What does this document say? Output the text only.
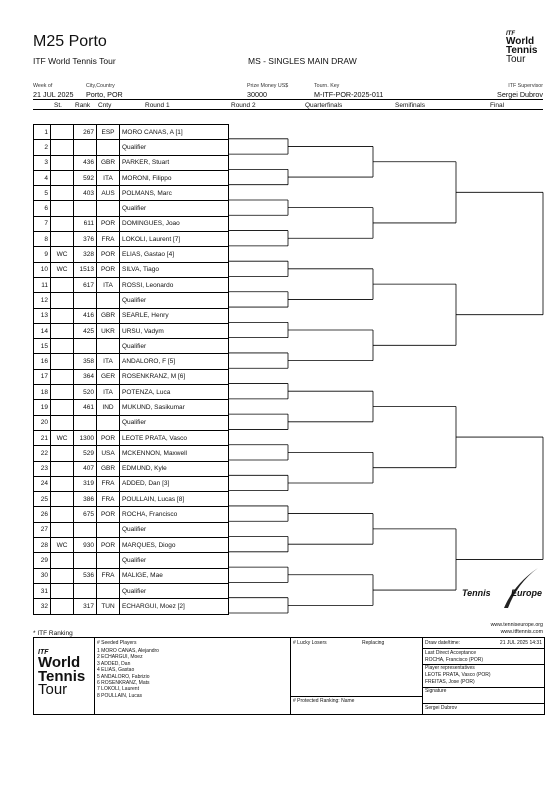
M25 Porto
ITF World Tennis Tour	MS - SINGLES MAIN DRAW
ITF
World
Tennis
Tour
Week of
21 JUL 2025
City,Country
Porto, POR
Prize Money US$
30000
Tourn. Key
M-ITF-POR-2025-011
ITF Supervisor
Sergei Dubrov
St. Rank Cnty	Round 1	Round 2	Quarterfinals	Semifinals	Final
1		267	ESP	MORO CANAS, A [1]
2				Qualifier
3		436	GBR	PARKER, Stuart
4		592	ITA	MORONI, Filippo
5		403	AUS	POLMANS, Marc
6				Qualifier
7		611	POR	DOMINGUES, Joao
8		376	FRA	LOKOLI, Laurent [7]
9	WC	328	POR	ELIAS, Gastao [4]
10	WC	1513	POR	SILVA, Tiago
11		617	ITA	ROSSI, Leonardo
12				Qualifier
13		416	GBR	SEARLE, Henry
14		425	UKR	URSU, Vadym
15				Qualifier
16		358	ITA	ANDALORO, F [5]
17		364	GER	ROSENKRANZ, M [6]
18		520	ITA	POTENZA, Luca
19		461	IND	MUKUND, Sasikumar
20				Qualifier
21	WC	1300	POR	LEOTE PRATA, Vasco
22		529	USA	MCKENNON, Maxwell
23		407	GBR	EDMUND, Kyle
24		319	FRA	ADDED, Dan [3]
25		386	FRA	POULLAIN, Lucas [8]
26		675	POR	ROCHA, Francisco
27				Qualifier
28	WC	930	POR	MARQUES, Diogo
29				Qualifier
30		536	FRA	MALIGE, Mae
31				Qualifier
32		317	TUN	ECHARGUI, Moez [2]
Tennis Europe
www.tenniseurope.org
www.itftennis.com
* ITF Ranking
ITF
World
Tennis
Tour
# Seeded Players
1 MORO CANAS, Alejandro
2 ECHARGUI, Moez
3 ADDED, Dan
4 ELIAS, Gastao
5 ANDALORO, Fabrizio
6 ROSENKRANZ, Mats
7 LOKOLI, Laurent
8 POULLAIN, Lucas
# Lucky Losers	Replacing
# Protected Ranking: Name
Draw date/time:	21 JUL 2025 14:31
Last Direct Acceptance
ROCHA, Francisco (POR)
Player representatives
LEOTE PRATA, Vasco (POR)
FREITAS, Jose (POR)
Signature
Sergei Dubrov
